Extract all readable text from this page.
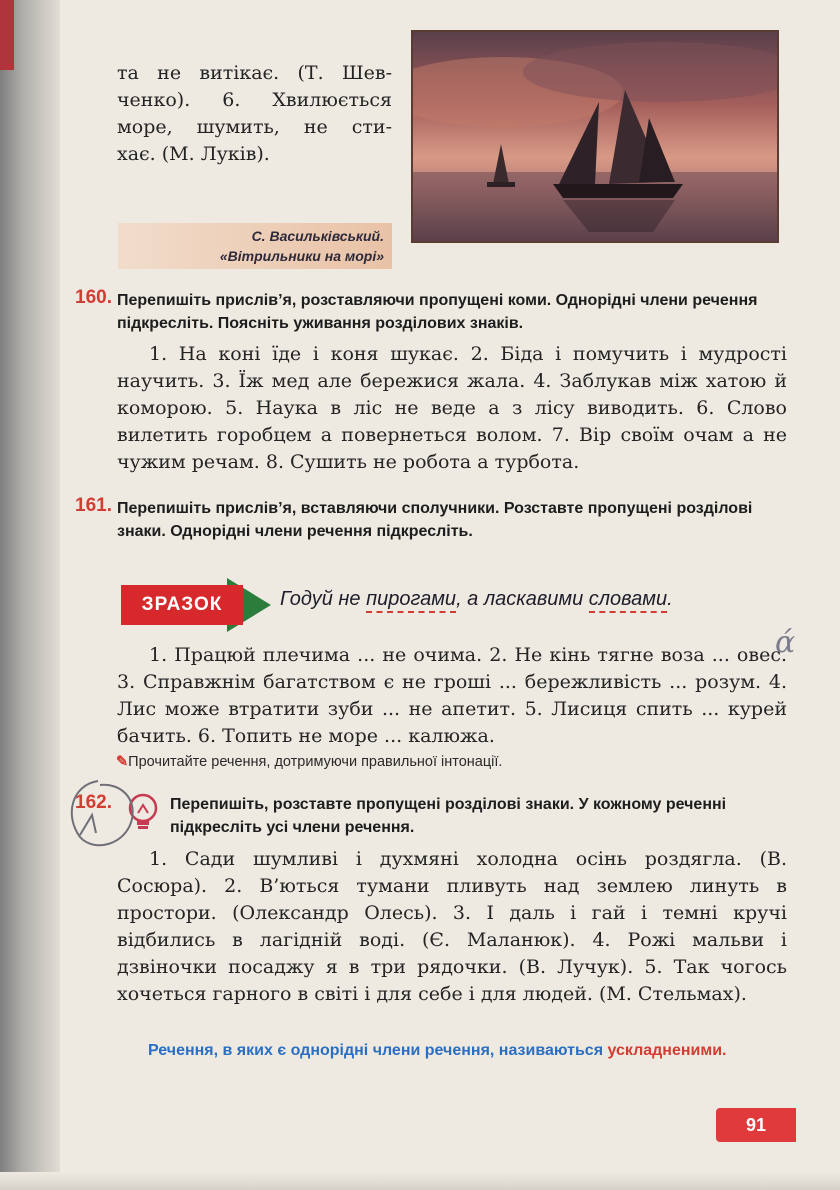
та не витікає. (Т. Шев-
ченко). 6. Хвилюється
море, шумить, не сти-
хає. (М. Луків).
С. Васильківський.
«Вітрильники на морі»
160. Перепишіть прислів’я, розставляючи пропущені коми. Однорідні члени речення підкресліть. Поясніть уживання розділових знаків.

1. На коні їде і коня шукає. 2. Біда і помучить і мудрості научить. 3. Їж мед але бережися жала. 4. Заблукав між хатою й коморою. 5. Наука в ліс не веде а з лісу виводить. 6. Слово вилетить горобцем а повернеться волом. 7. Вір своїм очам а не чужим речам. 8. Сушить не робота а турбота.

161. Перепишіть прислів’я, вставляючи сполучники. Розставте пропущені розділові знаки. Однорідні члени речення підкресліть.
ЗРАЗОК	Годуй не пирогами, а ласкавими словами.

1. Працюй плечима ... не очима. 2. Не кінь тягне воза ... овес. 3. Справжнім багатством є не гроші ... бережливість ... розум. 4. Лис може втратити зуби ... не апетит. 5. Лисиця спить ... курей бачить. 6. Топить не море ... калюжа.

✎Прочитайте речення, дотримуючи правильної інтонації.
162.	Перепишіть, розставте пропущені розділові знаки. У кожному реченні підкресліть усі члени речення.

1. Сади шумливі і духмяні холодна осінь роздягла. (В. Сосюра). 2. В’ються тумани пливуть над землею линуть в простори. (Олександр Олесь). 3. І даль і гай і темні кручі відбились в лагідній воді. (Є. Маланюк). 4. Рожі мальви і дзвіночки посаджу я в три рядочки. (В. Лучук). 5. Так чогось хочеться гарного в світі і для себе і для людей. (М. Стельмах).

Речення, в яких є однорідні члени речення, називаються ускладненими.
91
ά
